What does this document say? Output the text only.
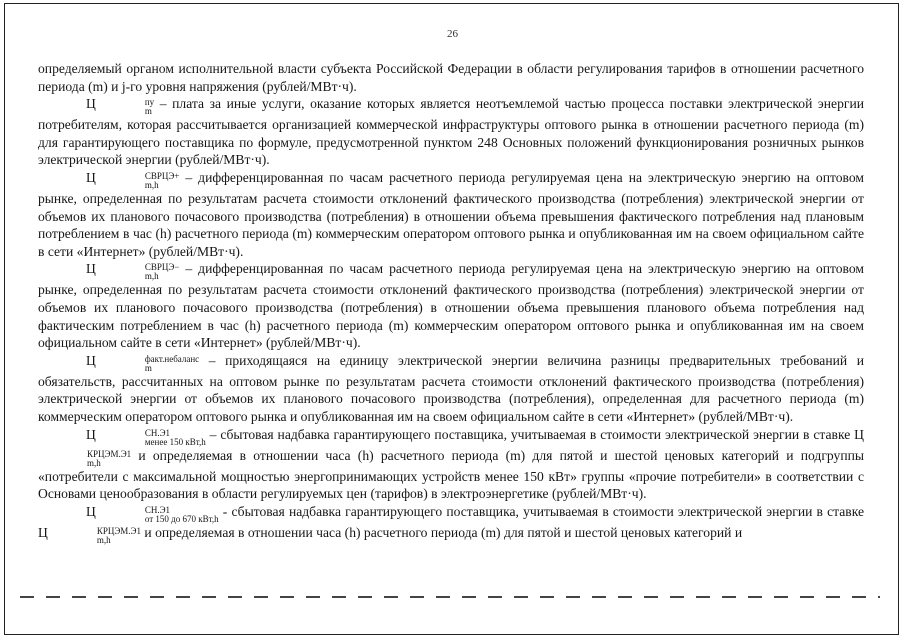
26

определяемый органом исполнительной власти субъекта Российской Федерации в области регулирования тарифов в отношении расчетного периода (m) и j-го уровня напряжения (рублей/МВт·ч).

Ц	пу
m – плата за иные услуги, оказание которых является неотъемлемой частью процесса поставки электрической энергии потребителям, которая рассчитывается организацией коммерческой инфраструктуры оптового рынка в отношении расчетного периода (m) для гарантирующего поставщика по формуле, предусмотренной пунктом 248 Основных положений функционирования розничных рынков электрической энергии (рублей/МВт·ч).

Ц	СВРЦЭ+
m,h	– дифференцированная по часам расчетного периода регулируемая цена на электрическую энергию на оптовом рынке, определенная по результатам расчета стоимости отклонений фактического производства (потребления) электрической энергии от объемов их планового почасового производства (потребления) в отношении объема превышения фактического потребления над плановым потреблением в час (h) расчетного периода (m) коммерческим оператором оптового рынка и опубликованная им на своем официальном сайте в сети «Интернет» (рублей/МВт·ч).

Ц	СВРЦЭ−
m,h	– дифференцированная по часам расчетного периода регулируемая цена на электрическую энергию на оптовом рынке, определенная по результатам расчета стоимости отклонений фактического производства (потребления) электрической энергии от объемов их планового почасового производства (потребления) в отношении объема превышения планового объема потребления над фактическим потреблением в час (h) расчетного периода (m) коммерческим оператором оптового рынка и опубликованная им на своем официальном сайте в сети «Интернет» (рублей/МВт·ч).

Ц	факт.небаланс
m	– приходящаяся на единицу электрической энергии величина разницы предварительных требований и обязательств, рассчитанных на оптовом рынке по результатам расчета стоимости отклонений фактического производства (потребления) электрической энергии от объемов их планового почасового производства (потребления), определенная для расчетного периода (m) коммерческим оператором оптового рынка и опубликованная им на своем официальном сайте в сети «Интернет» (рублей/МВт·ч).

Ц	СН.Э1
менее 150 кВт,h – сбытовая надбавка гарантирующего поставщика, учитываемая в стоимости электрической энергии в ставке Ц
КРЦЭМ.Э1
m,h	и определяемая в отношении часа (h) расчетного периода (m) для пятой и шестой ценовых категорий и подгруппы «потребители с максимальной мощностью энергопринимающих устройств менее 150 кВт» группы «прочие потребители» в соответствии с Основами ценообразования в области регулируемых цен (тарифов) в электроэнергетике (рублей/МВт·ч).

Ц	СН.Э1
от 150 до 670 кВт,h - сбытовая надбавка гарантирующего поставщика, учитываемая в стоимости электрической энергии в ставке Ц	КРЦЭМ.Э1
m,h	и определяемая в отношении часа (h) расчетного периода (m) для пятой и шестой ценовых категорий и
